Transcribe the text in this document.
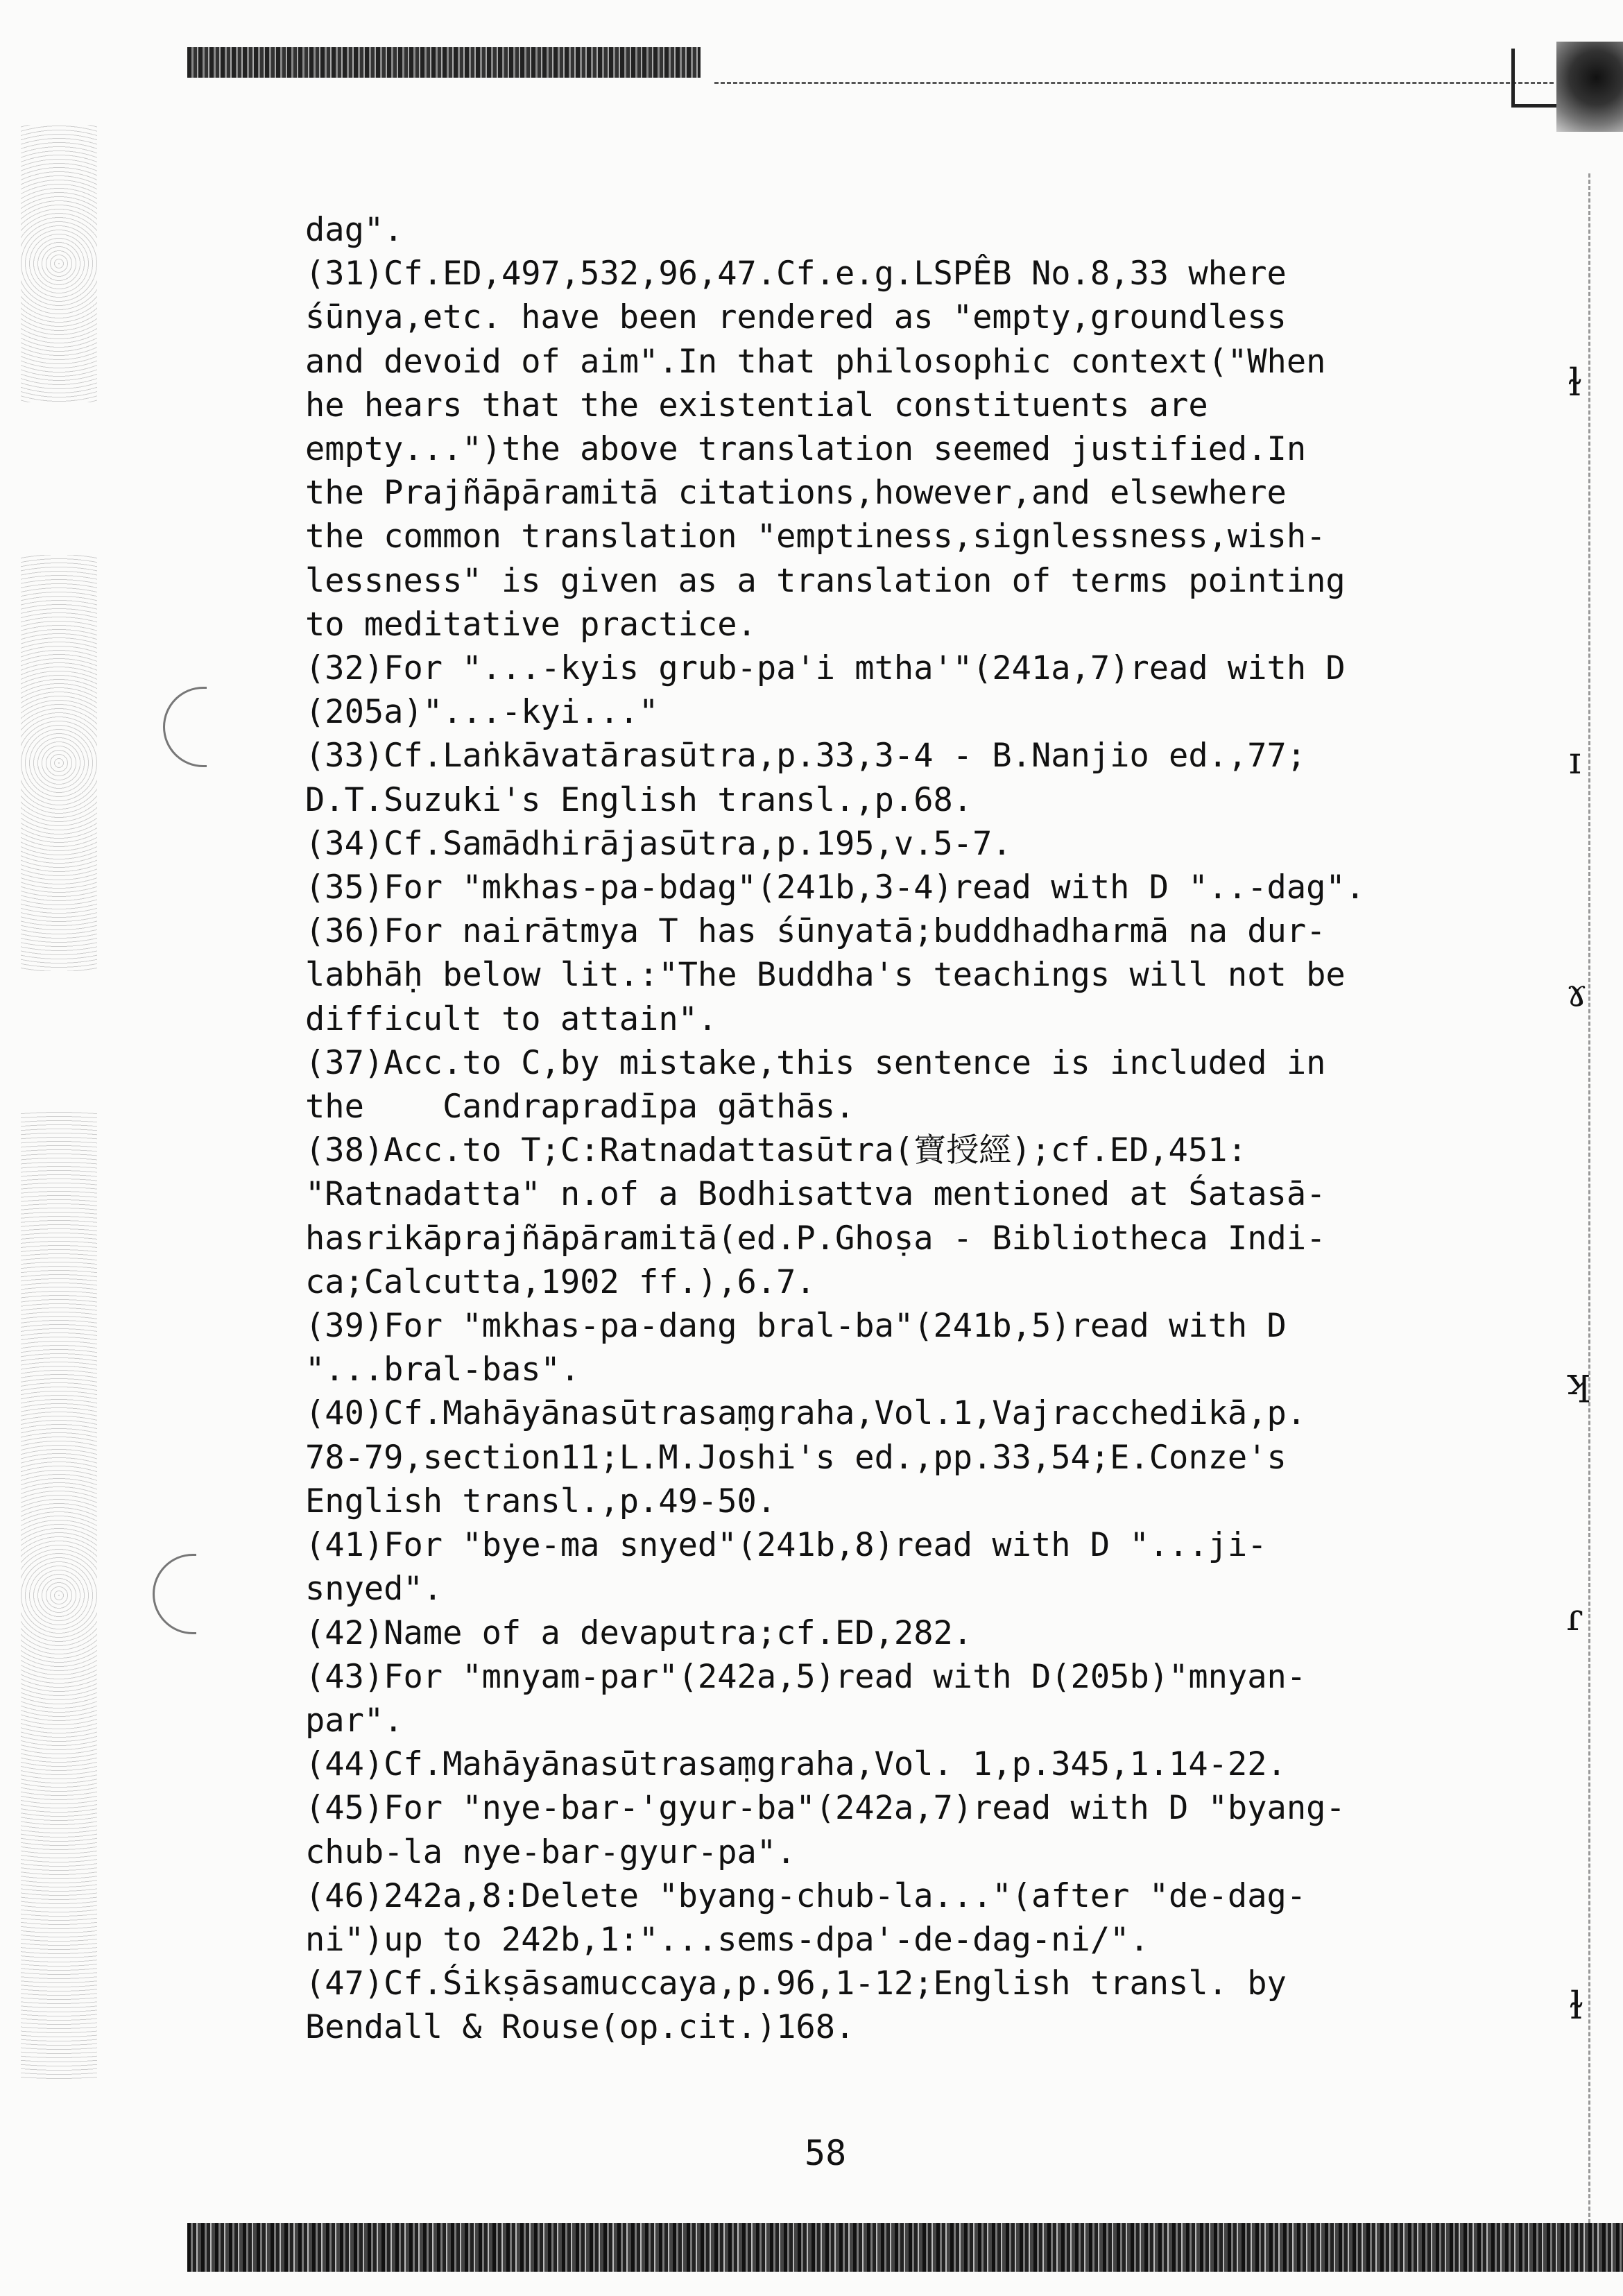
ɫ
ɪ
ɤ
ʞ
ɾ
ɫ
dag".
(31)Cf.ED,497,532,96,47.Cf.e.g.LSPÊB No.8,33 where
śūnya,etc. have been rendered as "empty,groundless
and devoid of aim".In that philosophic context("When
he hears that the existential constituents are
empty...")the above translation seemed justified.In
the Prajñāpāramitā citations,however,and elsewhere
the common translation "emptiness,signlessness,wish-
lessness" is given as a translation of terms pointing
to meditative practice.
(32)For "...-kyis grub-pa'i mtha'"(241a,7)read with D
(205a)"...-kyi..."
(33)Cf.Laṅkāvatārasūtra,p.33,3-4 - B.Nanjio ed.,77;
D.T.Suzuki's English transl.,p.68.
(34)Cf.Samādhirājasūtra,p.195,v.5-7.
(35)For "mkhas-pa-bdag"(241b,3-4)read with D "..-dag".
(36)For nairātmya T has śūnyatā;buddhadharmā na dur-
labhāḥ below lit.:"The Buddha's teachings will not be
difficult to attain".
(37)Acc.to C,by mistake,this sentence is included in
the    Candrapradīpa gāthās.
(38)Acc.to T;C:Ratnadattasūtra(寶授經);cf.ED,451:
"Ratnadatta" n.of a Bodhisattva mentioned at Śatasā-
hasrikāprajñāpāramitā(ed.P.Ghoṣa - Bibliotheca Indi-
ca;Calcutta,1902 ff.),6.7.
(39)For "mkhas-pa-dang bral-ba"(241b,5)read with D
"...bral-bas".
(40)Cf.Mahāyānasūtrasaṃgraha,Vol.1,Vajracchedikā,p.
78-79,section11;L.M.Joshi's ed.,pp.33,54;E.Conze's
English transl.,p.49-50.
(41)For "bye-ma snyed"(241b,8)read with D "...ji-
snyed".
(42)Name of a devaputra;cf.ED,282.
(43)For "mnyam-par"(242a,5)read with D(205b)"mnyan-
par".
(44)Cf.Mahāyānasūtrasaṃgraha,Vol. 1,p.345,1.14-22.
(45)For "nye-bar-'gyur-ba"(242a,7)read with D "byang-
chub-la nye-bar-gyur-pa".
(46)242a,8:Delete "byang-chub-la..."(after "de-dag-
ni")up to 242b,1:"...sems-dpa'-de-dag-ni/".
(47)Cf.Śikṣāsamuccaya,p.96,1-12;English transl. by
Bendall & Rouse(op.cit.)168.
58
